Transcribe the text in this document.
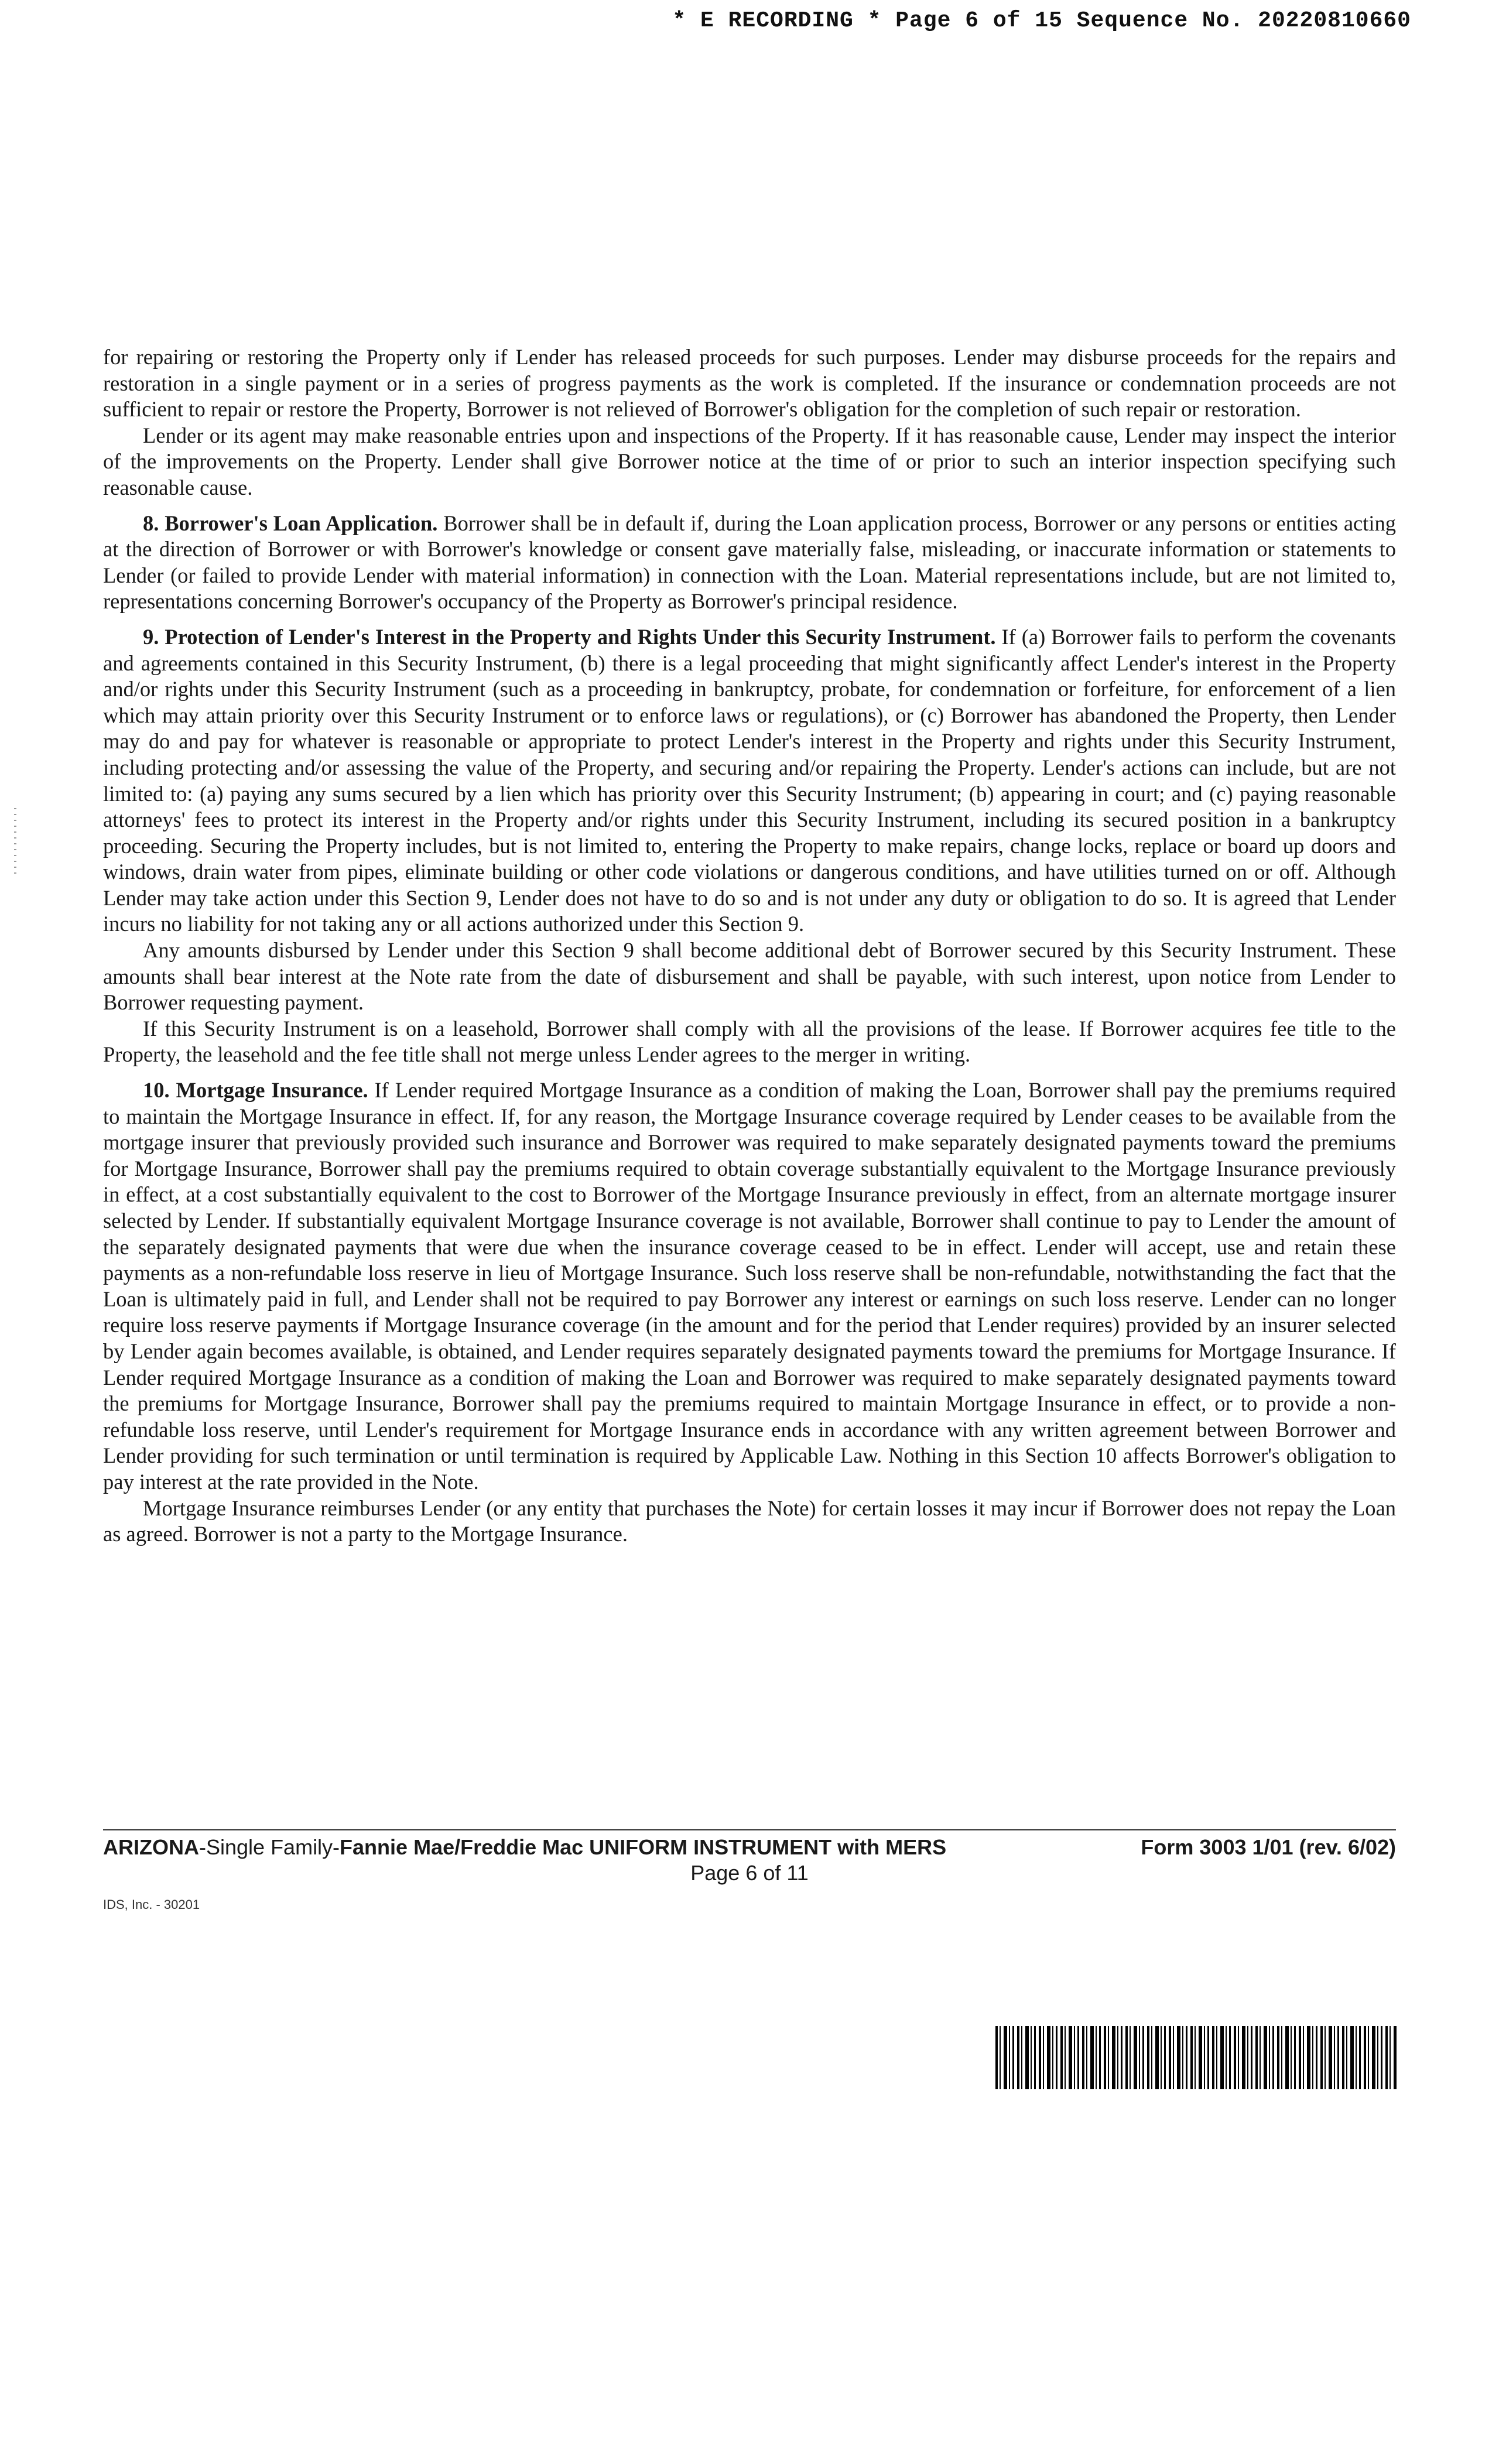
* E RECORDING * Page 6 of 15 Sequence No. 20220810660

for repairing or restoring the Property only if Lender has released proceeds for such purposes. Lender may disburse proceeds for the repairs and restoration in a single payment or in a series of progress payments as the work is completed. If the insurance or condemnation proceeds are not sufficient to repair or restore the Property, Borrower is not relieved of Borrower's obligation for the completion of such repair or restoration.

Lender or its agent may make reasonable entries upon and inspections of the Property. If it has reasonable cause, Lender may inspect the interior of the improvements on the Property. Lender shall give Borrower notice at the time of or prior to such an interior inspection specifying such reasonable cause.

8. Borrower's Loan Application. Borrower shall be in default if, during the Loan application process, Borrower or any persons or entities acting at the direction of Borrower or with Borrower's knowledge or consent gave materially false, misleading, or inaccurate information or statements to Lender (or failed to provide Lender with material information) in connection with the Loan. Material representations include, but are not limited to, representations concerning Borrower's occupancy of the Property as Borrower's principal residence.

9. Protection of Lender's Interest in the Property and Rights Under this Security Instrument. If (a) Borrower fails to perform the covenants and agreements contained in this Security Instrument, (b) there is a legal proceeding that might significantly affect Lender's interest in the Property and/or rights under this Security Instrument (such as a proceeding in bankruptcy, probate, for condemnation or forfeiture, for enforcement of a lien which may attain priority over this Security Instrument or to enforce laws or regulations), or (c) Borrower has abandoned the Property, then Lender may do and pay for whatever is reasonable or appropriate to protect Lender's interest in the Property and rights under this Security Instrument, including protecting and/or assessing the value of the Property, and securing and/or repairing the Property. Lender's actions can include, but are not limited to: (a) paying any sums secured by a lien which has priority over this Security Instrument; (b) appearing in court; and (c) paying reasonable attorneys' fees to protect its interest in the Property and/or rights under this Security Instrument, including its secured position in a bankruptcy proceeding. Securing the Property includes, but is not limited to, entering the Property to make repairs, change locks, replace or board up doors and windows, drain water from pipes, eliminate building or other code violations or dangerous conditions, and have utilities turned on or off. Although Lender may take action under this Section 9, Lender does not have to do so and is not under any duty or obligation to do so. It is agreed that Lender incurs no liability for not taking any or all actions authorized under this Section 9.

Any amounts disbursed by Lender under this Section 9 shall become additional debt of Borrower secured by this Security Instrument. These amounts shall bear interest at the Note rate from the date of disbursement and shall be payable, with such interest, upon notice from Lender to Borrower requesting payment.

If this Security Instrument is on a leasehold, Borrower shall comply with all the provisions of the lease. If Borrower acquires fee title to the Property, the leasehold and the fee title shall not merge unless Lender agrees to the merger in writing.

10. Mortgage Insurance. If Lender required Mortgage Insurance as a condition of making the Loan, Borrower shall pay the premiums required to maintain the Mortgage Insurance in effect. If, for any reason, the Mortgage Insurance coverage required by Lender ceases to be available from the mortgage insurer that previously provided such insurance and Borrower was required to make separately designated payments toward the premiums for Mortgage Insurance, Borrower shall pay the premiums required to obtain coverage substantially equivalent to the Mortgage Insurance previously in effect, at a cost substantially equivalent to the cost to Borrower of the Mortgage Insurance previously in effect, from an alternate mortgage insurer selected by Lender. If substantially equivalent Mortgage Insurance coverage is not available, Borrower shall continue to pay to Lender the amount of the separately designated payments that were due when the insurance coverage ceased to be in effect. Lender will accept, use and retain these payments as a non-refundable loss reserve in lieu of Mortgage Insurance. Such loss reserve shall be non-refundable, notwithstanding the fact that the Loan is ultimately paid in full, and Lender shall not be required to pay Borrower any interest or earnings on such loss reserve. Lender can no longer require loss reserve payments if Mortgage Insurance coverage (in the amount and for the period that Lender requires) provided by an insurer selected by Lender again becomes available, is obtained, and Lender requires separately designated payments toward the premiums for Mortgage Insurance. If Lender required Mortgage Insurance as a condition of making the Loan and Borrower was required to make separately designated payments toward the premiums for Mortgage Insurance, Borrower shall pay the premiums required to maintain Mortgage Insurance in effect, or to provide a non-refundable loss reserve, until Lender's requirement for Mortgage Insurance ends in accordance with any written agreement between Borrower and Lender providing for such termination or until termination is required by Applicable Law. Nothing in this Section 10 affects Borrower's obligation to pay interest at the rate provided in the Note.

Mortgage Insurance reimburses Lender (or any entity that purchases the Note) for certain losses it may incur if Borrower does not repay the Loan as agreed. Borrower is not a party to the Mortgage Insurance.

ARIZONA-Single Family-Fannie Mae/Freddie Mac UNIFORM INSTRUMENT with MERS	Form 3003 1/01 (rev. 6/02)
Page 6 of 11
IDS, Inc. - 30201
